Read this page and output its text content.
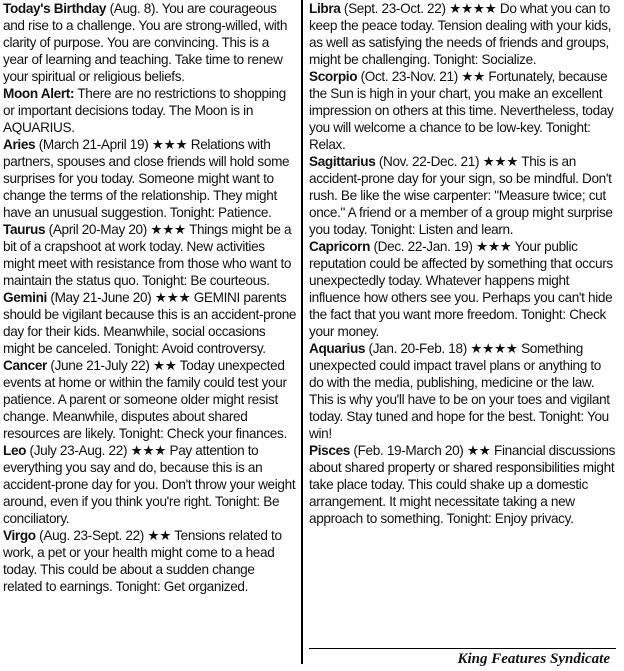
Today's Birthday (Aug. 8). You are courageous and rise to a challenge. You are strong-willed, with clarity of purpose. You are convincing. This is a year of learning and teaching. Take time to renew your spiritual or religious beliefs.

Moon Alert: There are no restrictions to shopping or important decisions today. The Moon is in AQUARIUS.

Aries (March 21-April 19) ★★★ Relations with partners, spouses and close friends will hold some surprises for you today. Someone might want to change the terms of the relationship. They might have an unusual suggestion. Tonight: Patience.

Taurus (April 20-May 20) ★★★ Things might be a bit of a crapshoot at work today. New activities might meet with resistance from those who want to maintain the status quo. Tonight: Be courteous.

Gemini (May 21-June 20) ★★★ GEMINI parents should be vigilant because this is an accident-prone day for their kids. Meanwhile, social occasions might be canceled. Tonight: Avoid controversy.

Cancer (June 21-July 22) ★★ Today unexpected events at home or within the family could test your patience. A parent or someone older might resist change. Meanwhile, disputes about shared resources are likely. Tonight: Check your finances.

Leo (July 23-Aug. 22) ★★★ Pay attention to everything you say and do, because this is an accident-prone day for you. Don't throw your weight around, even if you think you're right. Tonight: Be conciliatory.

Virgo (Aug. 23-Sept. 22) ★★ Tensions related to work, a pet or your health might come to a head today. This could be about a sudden change related to earnings. Tonight: Get organized.

Libra (Sept. 23-Oct. 22) ★★★★ Do what you can to keep the peace today. Tension dealing with your kids, as well as satisfying the needs of friends and groups, might be challenging. Tonight: Socialize.

Scorpio (Oct. 23-Nov. 21) ★★ Fortunately, because the Sun is high in your chart, you make an excellent impression on others at this time. Nevertheless, today you will welcome a chance to be low-key. Tonight: Relax.

Sagittarius (Nov. 22-Dec. 21) ★★★ This is an accident-prone day for your sign, so be mindful. Don't rush. Be like the wise carpenter: "Measure twice; cut once." A friend or a member of a group might surprise you today. Tonight: Listen and learn.

Capricorn (Dec. 22-Jan. 19) ★★★ Your public reputation could be affected by something that occurs unexpectedly today. Whatever happens might influence how others see you. Perhaps you can't hide the fact that you want more freedom. Tonight: Check your money.

Aquarius (Jan. 20-Feb. 18) ★★★★ Something unexpected could impact travel plans or anything to do with the media, publishing, medicine or the law. This is why you'll have to be on your toes and vigilant today. Stay tuned and hope for the best. Tonight: You win!

Pisces (Feb. 19-March 20) ★★ Financial discussions about shared property or shared responsibilities might take place today. This could shake up a domestic arrangement. It might necessitate taking a new approach to something. Tonight: Enjoy privacy.

King Features Syndicate
